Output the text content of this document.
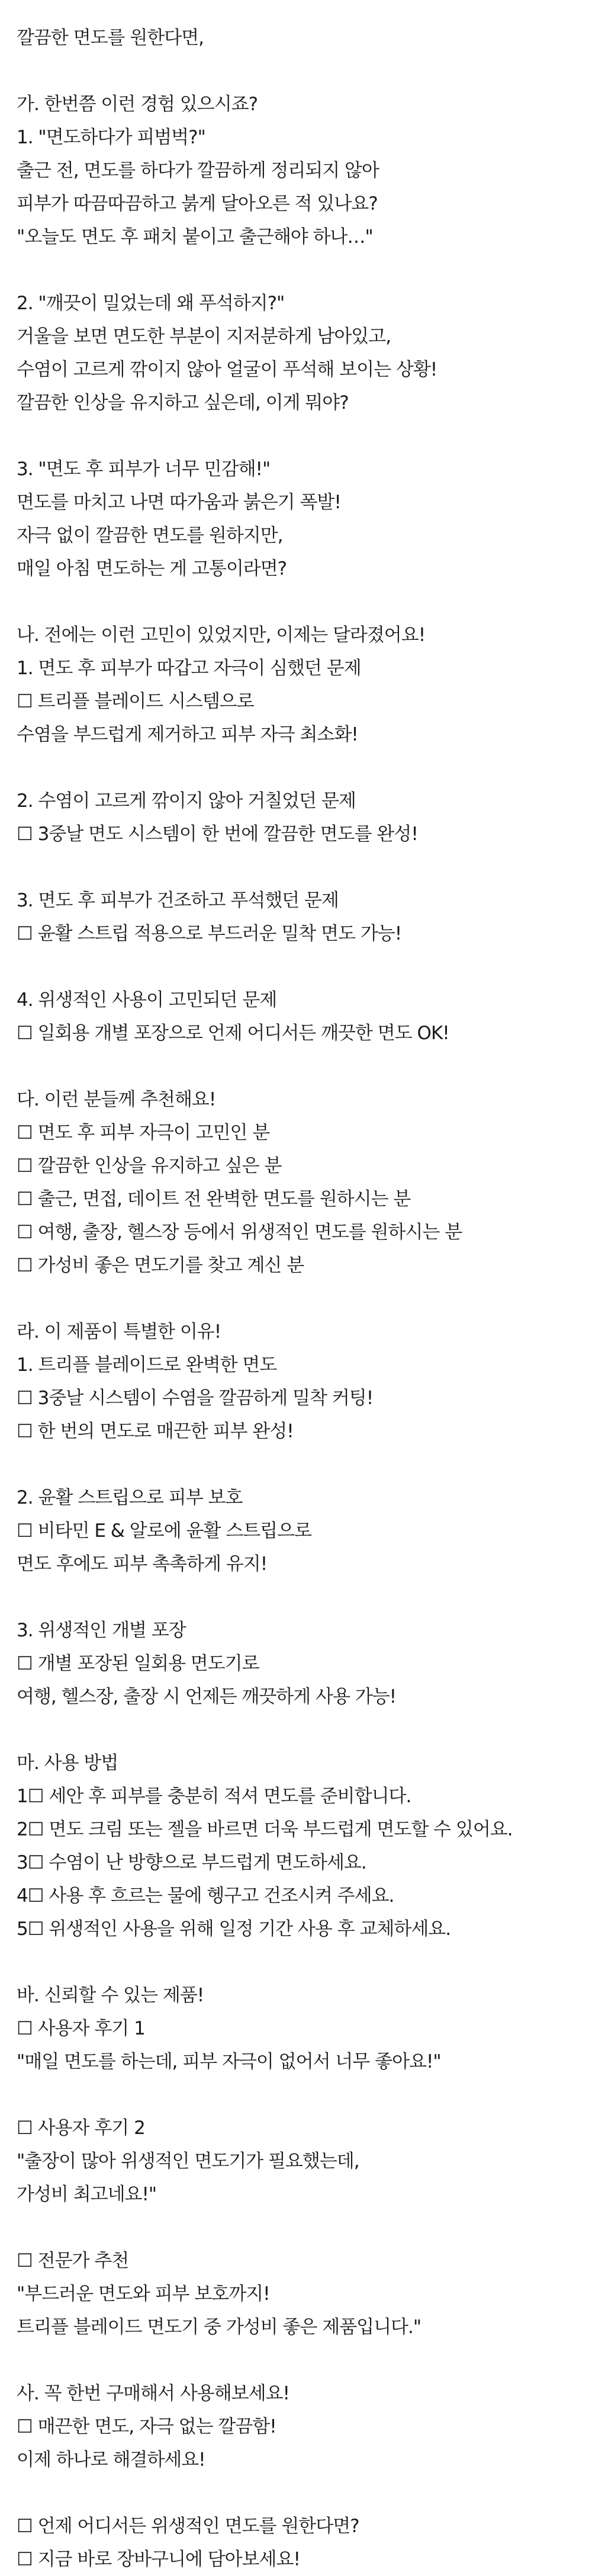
깔끔한 면도를 원한다면,
가. 한번쯤 이런 경험 있으시죠?
1. "면도하다가 피범벅?"
출근 전, 면도를 하다가 깔끔하게 정리되지 않아
피부가 따끔따끔하고 붉게 달아오른 적 있나요?
"오늘도 면도 후 패치 붙이고 출근해야 하나…"
2. "깨끗이 밀었는데 왜 푸석하지?"
거울을 보면 면도한 부분이 지저분하게 남아있고,
수염이 고르게 깎이지 않아 얼굴이 푸석해 보이는 상황!
깔끔한 인상을 유지하고 싶은데, 이게 뭐야?
3. "면도 후 피부가 너무 민감해!"
면도를 마치고 나면 따가움과 붉은기 폭발!
자극 없이 깔끔한 면도를 원하지만,
매일 아침 면도하는 게 고통이라면?
나. 전에는 이런 고민이 있었지만, 이제는 달라졌어요!
1. 면도 후 피부가 따갑고 자극이 심했던 문제
☐ 트리플 블레이드 시스템으로
수염을 부드럽게 제거하고 피부 자극 최소화!
2. 수염이 고르게 깎이지 않아 거칠었던 문제
☐ 3중날 면도 시스템이 한 번에 깔끔한 면도를 완성!
3. 면도 후 피부가 건조하고 푸석했던 문제
☐ 윤활 스트립 적용으로 부드러운 밀착 면도 가능!
4. 위생적인 사용이 고민되던 문제
☐ 일회용 개별 포장으로 언제 어디서든 깨끗한 면도 OK!
다. 이런 분들께 추천해요!
☐ 면도 후 피부 자극이 고민인 분
☐ 깔끔한 인상을 유지하고 싶은 분
☐ 출근, 면접, 데이트 전 완벽한 면도를 원하시는 분
☐ 여행, 출장, 헬스장 등에서 위생적인 면도를 원하시는 분
☐ 가성비 좋은 면도기를 찾고 계신 분
라. 이 제품이 특별한 이유!
1. 트리플 블레이드로 완벽한 면도
☐ 3중날 시스템이 수염을 깔끔하게 밀착 커팅!
☐ 한 번의 면도로 매끈한 피부 완성!
2. 윤활 스트립으로 피부 보호
☐ 비타민 E & 알로에 윤활 스트립으로
면도 후에도 피부 촉촉하게 유지!
3. 위생적인 개별 포장
☐ 개별 포장된 일회용 면도기로
여행, 헬스장, 출장 시 언제든 깨끗하게 사용 가능!
마. 사용 방법
1☐ 세안 후 피부를 충분히 적셔 면도를 준비합니다.
2☐ 면도 크림 또는 젤을 바르면 더욱 부드럽게 면도할 수 있어요.
3☐ 수염이 난 방향으로 부드럽게 면도하세요.
4☐ 사용 후 흐르는 물에 헹구고 건조시켜 주세요.
5☐ 위생적인 사용을 위해 일정 기간 사용 후 교체하세요.
바. 신뢰할 수 있는 제품!
☐ 사용자 후기 1
"매일 면도를 하는데, 피부 자극이 없어서 너무 좋아요!"
☐ 사용자 후기 2
"출장이 많아 위생적인 면도기가 필요했는데,
가성비 최고네요!"
☐ 전문가 추천
"부드러운 면도와 피부 보호까지!
트리플 블레이드 면도기 중 가성비 좋은 제품입니다."
사. 꼭 한번 구매해서 사용해보세요!
☐ 매끈한 면도, 자극 없는 깔끔함!
이제 하나로 해결하세요!
☐ 언제 어디서든 위생적인 면도를 원한다면?
☐ 지금 바로 장바구니에 담아보세요!
